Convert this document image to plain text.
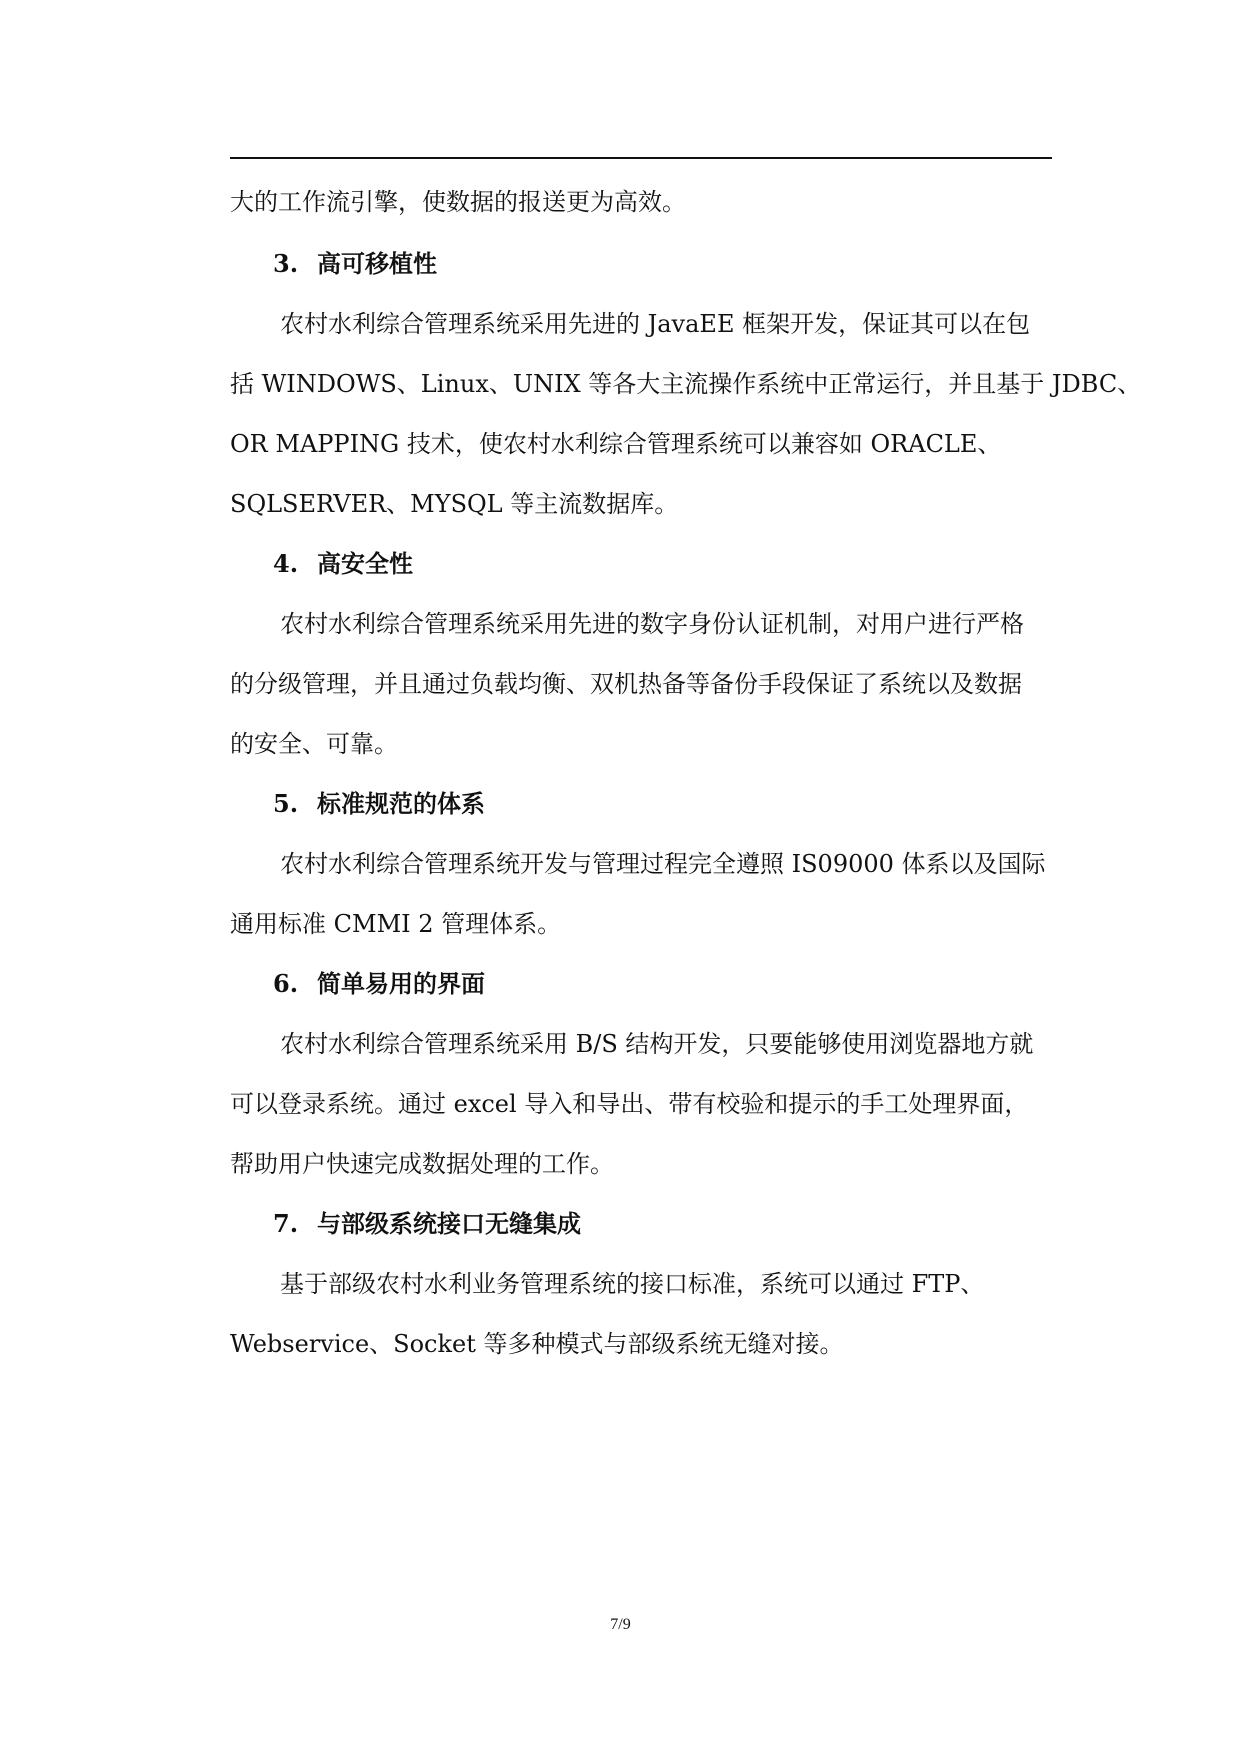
大的工作流引擎，使数据的报送更为高效。
3. 高可移植性
农村水利综合管理系统采用先进的 JavaEE 框架开发，保证其可以在包
括 WINDOWS、Linux、UNIX 等各大主流操作系统中正常运行，并且基于 JDBC、
OR MAPPING 技术，使农村水利综合管理系统可以兼容如 ORACLE、
SQLSERVER、MYSQL 等主流数据库。
4. 高安全性
农村水利综合管理系统采用先进的数字身份认证机制，对用户进行严格
的分级管理，并且通过负载均衡、双机热备等备份手段保证了系统以及数据
的安全、可靠。
5. 标准规范的体系
农村水利综合管理系统开发与管理过程完全遵照 IS09000 体系以及国际
通用标准 CMMI 2 管理体系。
6. 简单易用的界面
农村水利综合管理系统采用 B/S 结构开发，只要能够使用浏览器地方就
可以登录系统。通过 excel 导入和导出、带有校验和提示的手工处理界面，
帮助用户快速完成数据处理的工作。
7. 与部级系统接口无缝集成
基于部级农村水利业务管理系统的接口标准，系统可以通过 FTP、
Webservice、Socket 等多种模式与部级系统无缝对接。
7/9
